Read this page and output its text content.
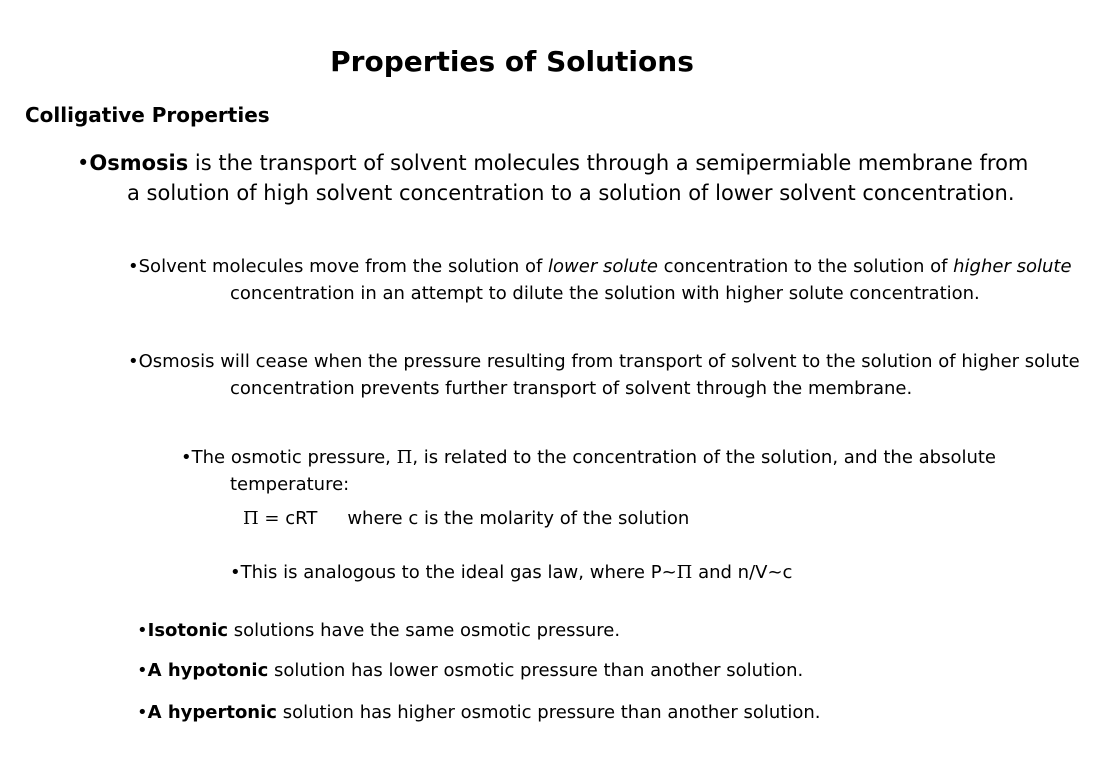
Properties of Solutions
Colligative Properties

•Osmosis is the transport of solvent molecules through a semipermiable membrane from a solution of high solvent concentration to a solution of lower solvent concentration.

•Solvent molecules move from the solution of lower solute concentration to the solution of higher solute concentration in an attempt to dilute the solution with higher solute concentration.

•Osmosis will cease when the pressure resulting from transport of solvent to the solution of higher solute concentration prevents further transport of solvent through the membrane.

•The osmotic pressure, Π, is related to the concentration of the solution, and the absolute temperature:

Π = cRT where c is the molarity of the solution
•This is analogous to the ideal gas law, where P~Π and n/V~c
•Isotonic solutions have the same osmotic pressure.
•A hypotonic solution has lower osmotic pressure than another solution.
•A hypertonic solution has higher osmotic pressure than another solution.
